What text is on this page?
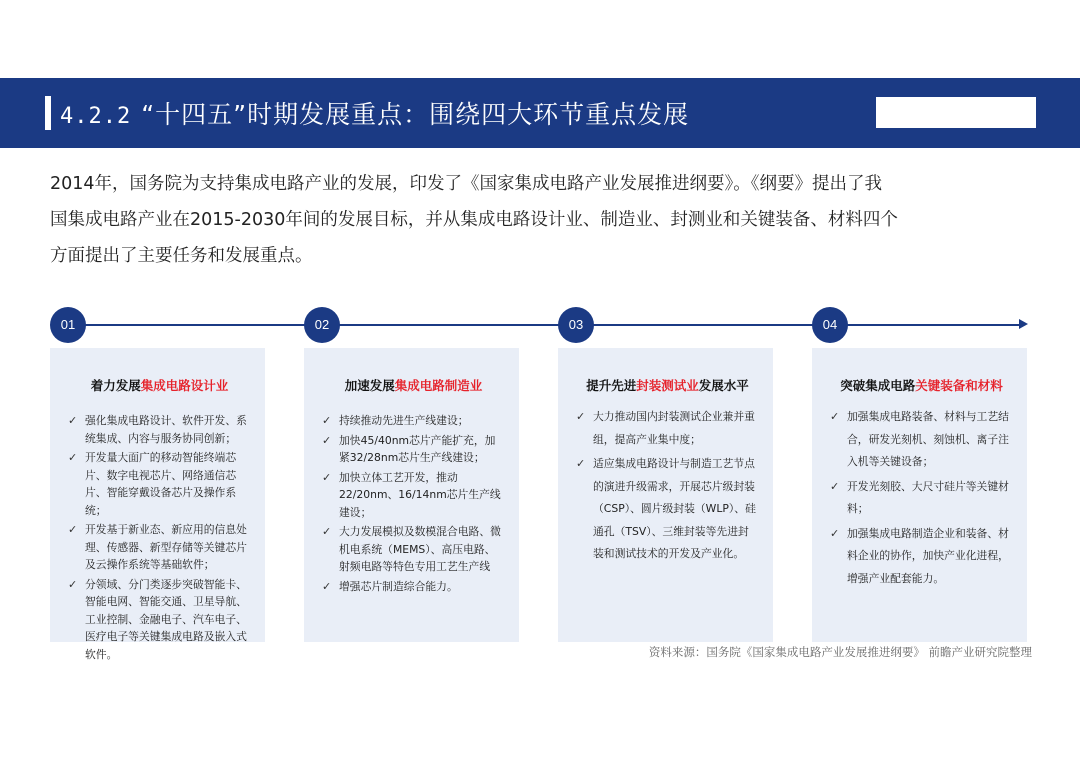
4.2.2 “十四五”时期发展重点：围绕四大环节重点发展

2014年，国务院为支持集成电路产业的发展，印发了《国家集成电路产业发展推进纲要》。《纲要》提出了我

国集成电路产业在2015-2030年间的发展目标，并从集成电路设计业、制造业、封测业和关键装备、材料四个

方面提出了主要任务和发展重点。

01	02	03	04
着力发展集成电路设计业
✓ 强化集成电路设计、软件开发、系统集成、内容与服务协同创新；
✓ 开发量大面广的移动智能终端芯片、数字电视芯片、网络通信芯片、智能穿戴设备芯片及操作系统；
✓ 开发基于新业态、新应用的信息处理、传感器、新型存储等关键芯片及云操作系统等基础软件；
✓ 分领域、分门类逐步突破智能卡、智能电网、智能交通、卫星导航、工业控制、金融电子、汽车电子、医疗电子等关键集成电路及嵌入式软件。
加速发展集成电路制造业
✓ 持续推动先进生产线建设；
✓ 加快45/40nm芯片产能扩充，加紧32/28nm芯片生产线建设；
✓ 加快立体工艺开发，推动22/20nm、16/14nm芯片生产线建设；
✓ 大力发展模拟及数模混合电路、微机电系统（MEMS）、高压电路、射频电路等特色专用工艺生产线
✓ 增强芯片制造综合能力。
提升先进封装测试业发展水平
✓ 大力推动国内封装测试企业兼并重组，提高产业集中度；
✓ 适应集成电路设计与制造工艺节点的演进升级需求，开展芯片级封装（CSP）、圆片级封装（WLP）、硅通孔（TSV）、三维封装等先进封装和测试技术的开发及产业化。
突破集成电路关键装备和材料
✓ 加强集成电路装备、材料与工艺结合，研发光刻机、刻蚀机、离子注入机等关键设备；
✓ 开发光刻胶、大尺寸硅片等关键材料；
✓ 加强集成电路制造企业和装备、材料企业的协作，加快产业化进程，增强产业配套能力。
资料来源：国务院《国家集成电路产业发展推进纲要》 前瞻产业研究院整理
